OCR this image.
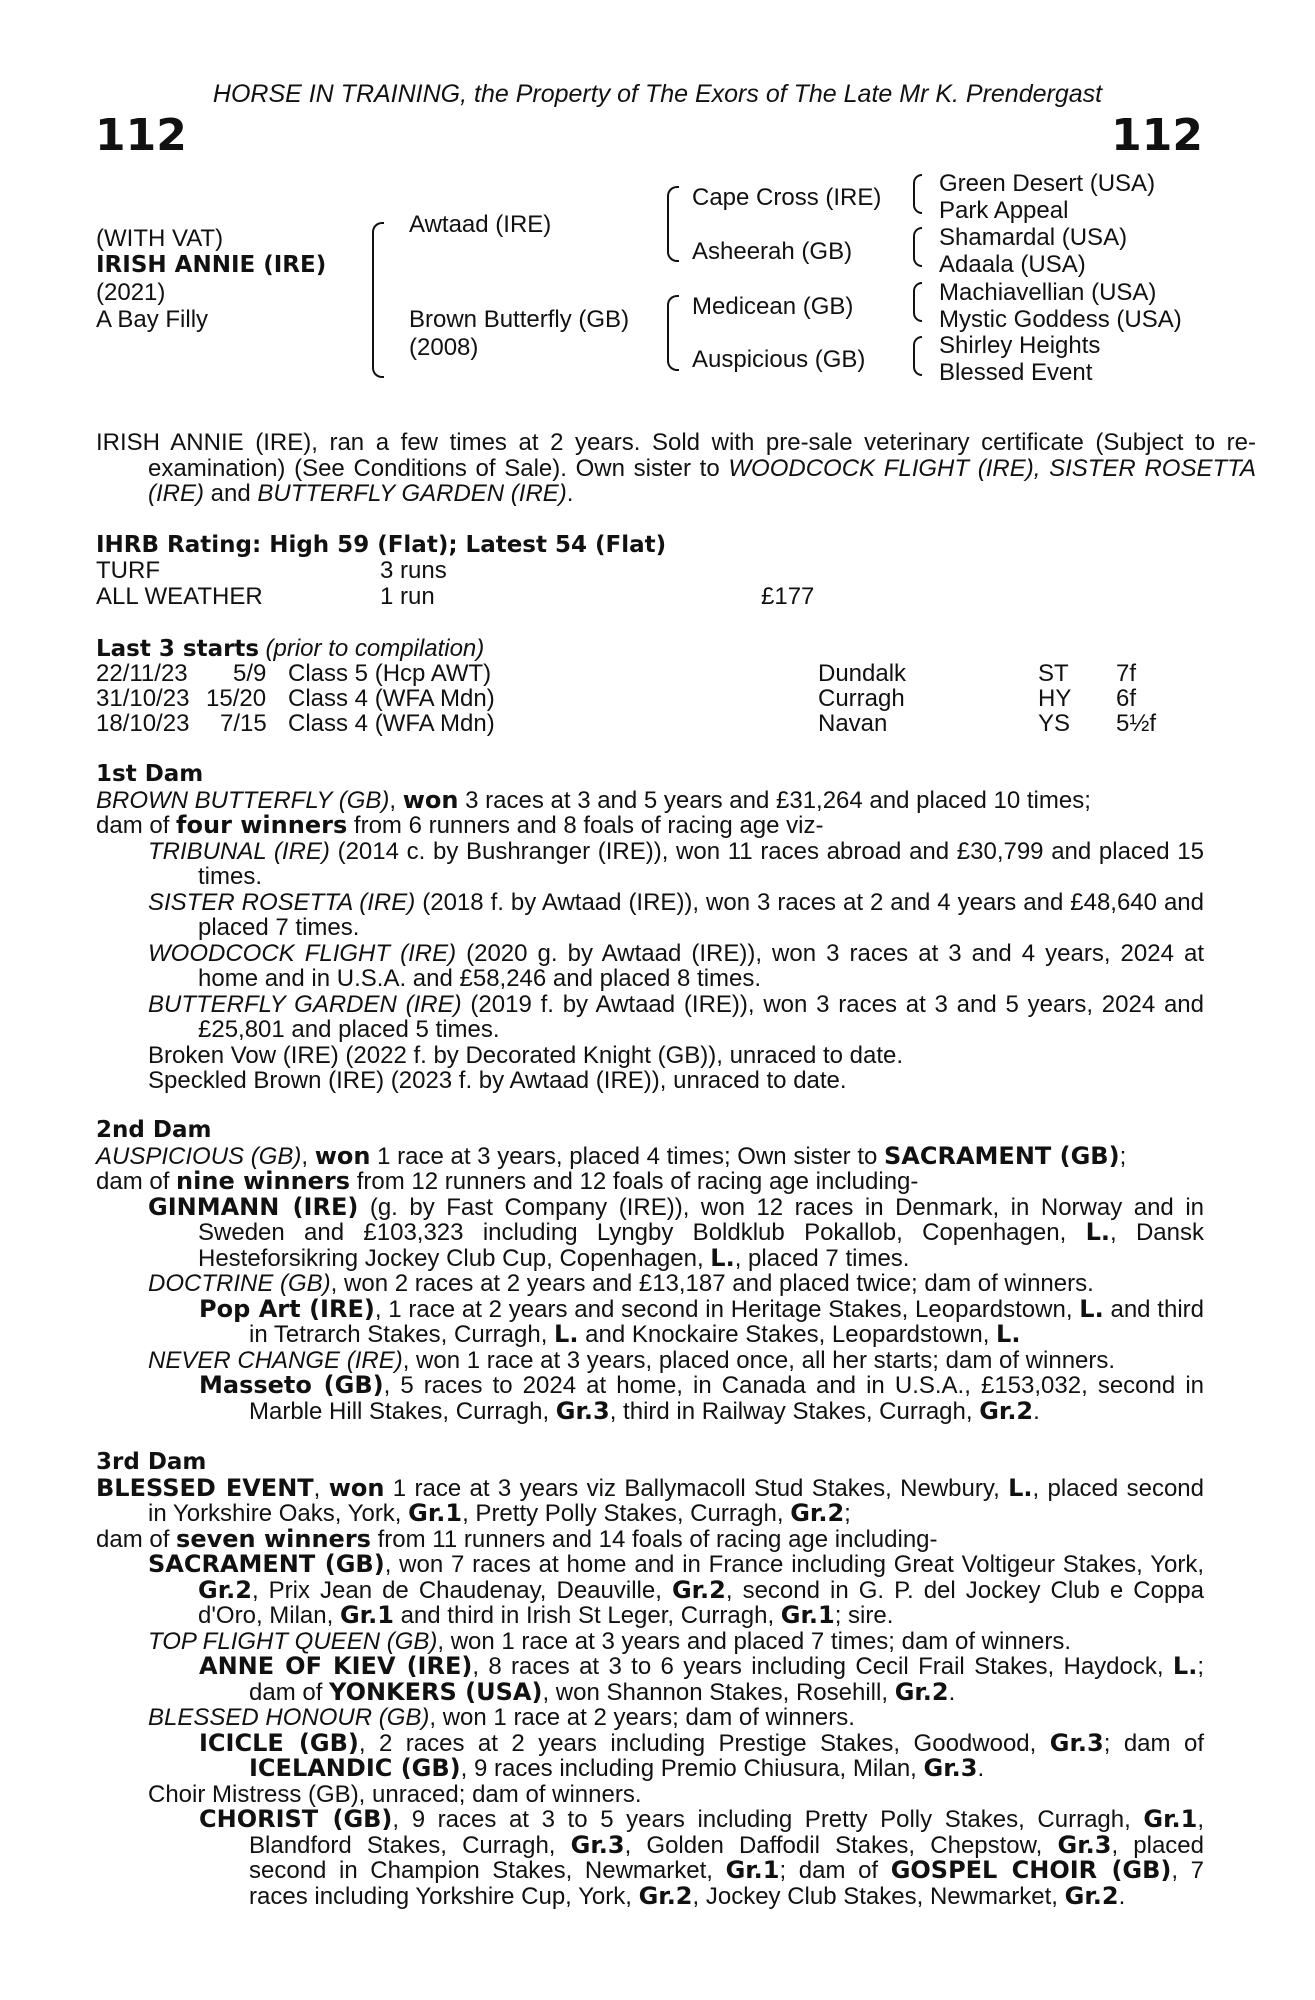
HORSE IN TRAINING, the Property of The Exors of The Late Mr K. Prendergast
112	112
(WITH VAT)
IRISH ANNIE (IRE)
(2021)
A Bay Filly
Awtaad (IRE)
Brown Butterfly (GB)
(2008)
Cape Cross (IRE)
Asheerah (GB)
Medicean (GB)
Auspicious (GB)
Green Desert (USA)
Park Appeal
Shamardal (USA)
Adaala (USA)
Machiavellian (USA)
Mystic Goddess (USA)
Shirley Heights
Blessed Event
IRISH ANNIE (IRE), ran a few times at 2 years. Sold with pre-sale veterinary certificate (Subject to re-examination) (See Conditions of Sale). Own sister to WOODCOCK FLIGHT (IRE), SISTER ROSETTA (IRE) and BUTTERFLY GARDEN (IRE).
IHRB Rating: High 59 (Flat); Latest 54 (Flat)
TURF	3 runs
ALL WEATHER	1 run	£177
Last 3 starts (prior to compilation)
22/11/23 5/9 Class 5 (Hcp AWT)	Dundalk	ST 7f
31/10/23 15/20 Class 4 (WFA Mdn)	Curragh	HY 6f
18/10/23 7/15 Class 4 (WFA Mdn)	Navan	YS 5½f
1st Dam
BROWN BUTTERFLY (GB), won 3 races at 3 and 5 years and £31,264 and placed 10 times;
dam of four winners from 6 runners and 8 foals of racing age viz-
TRIBUNAL (IRE) (2014 c. by Bushranger (IRE)), won 11 races abroad and £30,799 and placed 15 times.
SISTER ROSETTA (IRE) (2018 f. by Awtaad (IRE)), won 3 races at 2 and 4 years and £48,640 and placed 7 times.
WOODCOCK FLIGHT (IRE) (2020 g. by Awtaad (IRE)), won 3 races at 3 and 4 years, 2024 at home and in U.S.A. and £58,246 and placed 8 times.
BUTTERFLY GARDEN (IRE) (2019 f. by Awtaad (IRE)), won 3 races at 3 and 5 years, 2024 and £25,801 and placed 5 times.
Broken Vow (IRE) (2022 f. by Decorated Knight (GB)), unraced to date.
Speckled Brown (IRE) (2023 f. by Awtaad (IRE)), unraced to date.
2nd Dam
AUSPICIOUS (GB), won 1 race at 3 years, placed 4 times; Own sister to SACRAMENT (GB);
dam of nine winners from 12 runners and 12 foals of racing age including-
GINMANN (IRE) (g. by Fast Company (IRE)), won 12 races in Denmark, in Norway and in Sweden and £103,323 including Lyngby Boldklub Pokallob, Copenhagen, L., Dansk Hesteforsikring Jockey Club Cup, Copenhagen, L., placed 7 times.
DOCTRINE (GB), won 2 races at 2 years and £13,187 and placed twice; dam of winners.
Pop Art (IRE), 1 race at 2 years and second in Heritage Stakes, Leopardstown, L. and third in Tetrarch Stakes, Curragh, L. and Knockaire Stakes, Leopardstown, L.
NEVER CHANGE (IRE), won 1 race at 3 years, placed once, all her starts; dam of winners.
Masseto (GB), 5 races to 2024 at home, in Canada and in U.S.A., £153,032, second in Marble Hill Stakes, Curragh, Gr.3, third in Railway Stakes, Curragh, Gr.2.
3rd Dam
BLESSED EVENT, won 1 race at 3 years viz Ballymacoll Stud Stakes, Newbury, L., placed second in Yorkshire Oaks, York, Gr.1, Pretty Polly Stakes, Curragh, Gr.2;
dam of seven winners from 11 runners and 14 foals of racing age including-
SACRAMENT (GB), won 7 races at home and in France including Great Voltigeur Stakes, York, Gr.2, Prix Jean de Chaudenay, Deauville, Gr.2, second in G. P. del Jockey Club e Coppa d'Oro, Milan, Gr.1 and third in Irish St Leger, Curragh, Gr.1; sire.
TOP FLIGHT QUEEN (GB), won 1 race at 3 years and placed 7 times; dam of winners.
ANNE OF KIEV (IRE), 8 races at 3 to 6 years including Cecil Frail Stakes, Haydock, L.; dam of YONKERS (USA), won Shannon Stakes, Rosehill, Gr.2.
BLESSED HONOUR (GB), won 1 race at 2 years; dam of winners.
ICICLE (GB), 2 races at 2 years including Prestige Stakes, Goodwood, Gr.3; dam of ICELANDIC (GB), 9 races including Premio Chiusura, Milan, Gr.3.
Choir Mistress (GB), unraced; dam of winners.
CHORIST (GB), 9 races at 3 to 5 years including Pretty Polly Stakes, Curragh, Gr.1, Blandford Stakes, Curragh, Gr.3, Golden Daffodil Stakes, Chepstow, Gr.3, placed second in Champion Stakes, Newmarket, Gr.1; dam of GOSPEL CHOIR (GB), 7 races including Yorkshire Cup, York, Gr.2, Jockey Club Stakes, Newmarket, Gr.2.
